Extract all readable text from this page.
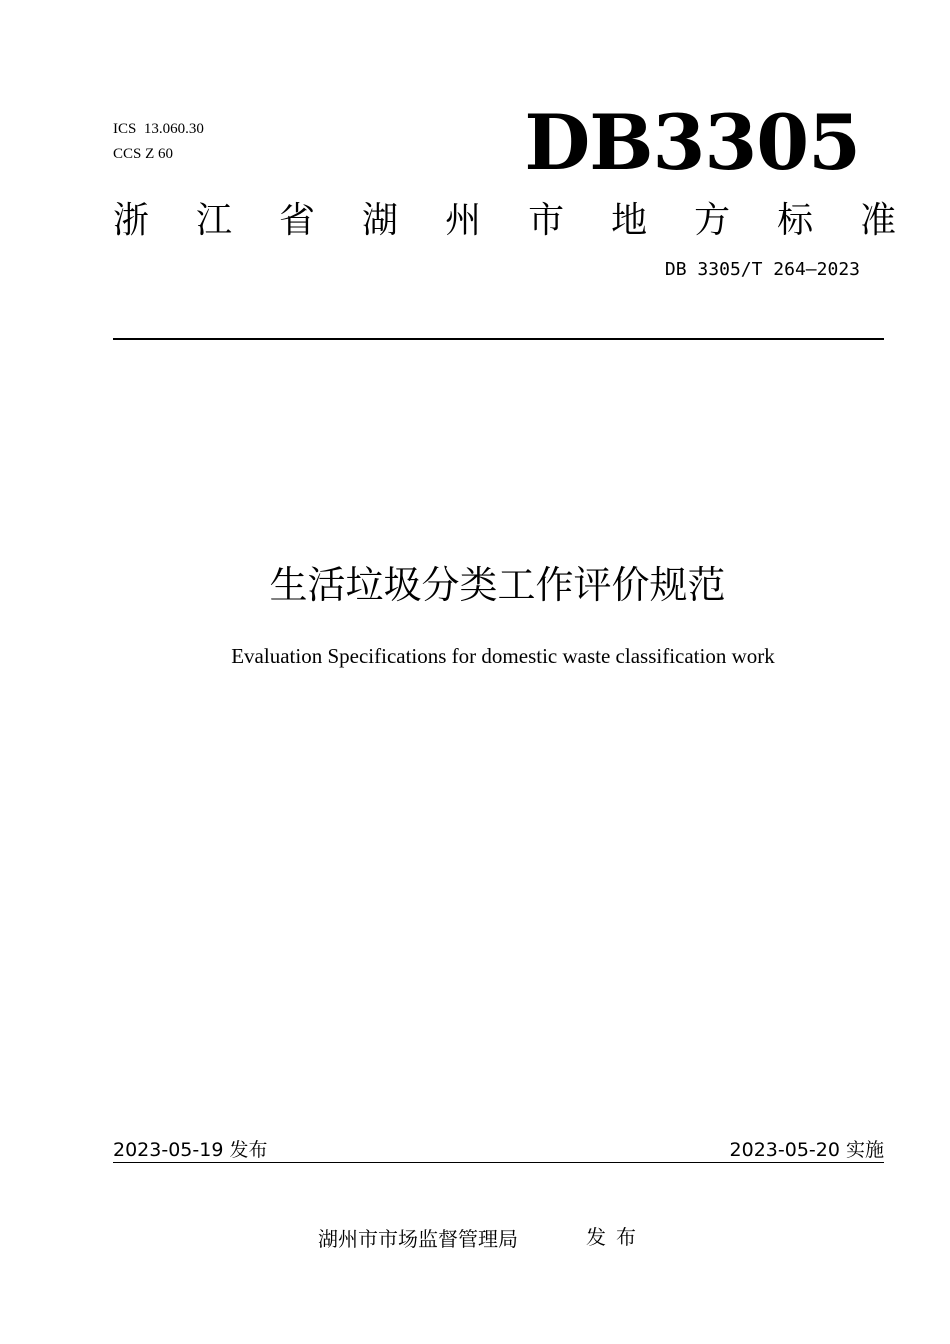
ICS  13.060.30
CCS Z 60	DB3305
浙 江 省 湖 州 市 地 方 标 准
DB 3305/T 264—2023
生活垃圾分类工作评价规范
Evaluation Specifications for domestic waste classification work
2023-05-19 发布	2023-05-20 实施
湖州市市场监督管理局	发布
